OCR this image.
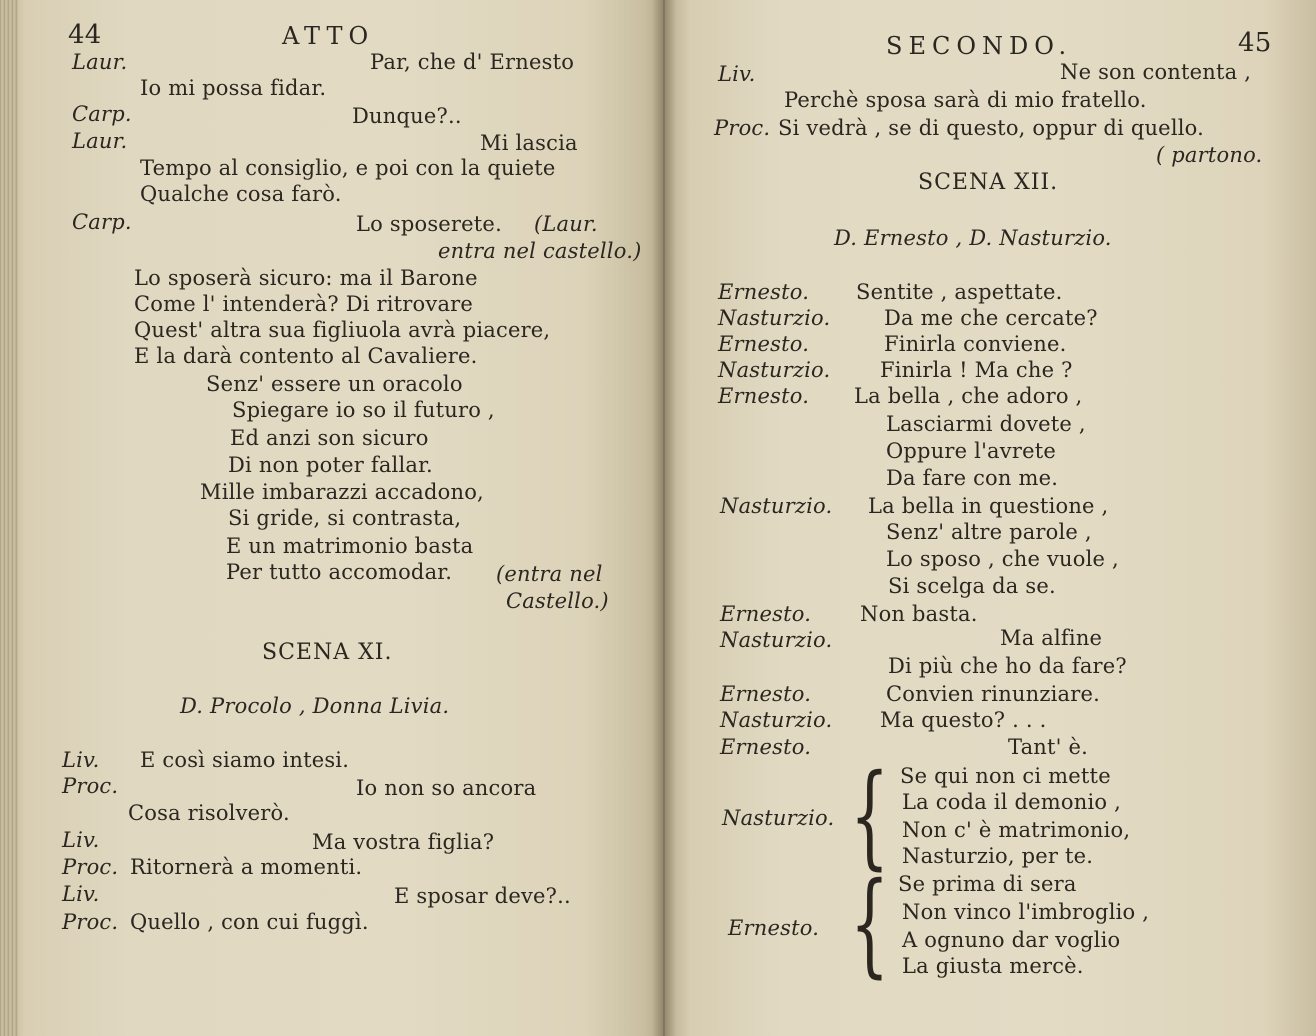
44	ATTO
Laur.	Par, che d' Ernesto
Io mi possa fidar.
Carp.	Dunque?..
Laur.	Mi lascia
Tempo al consiglio, e poi con la quiete
Qualche cosa farò.
Carp.	Lo sposerete. (Laur.
entra nel castello.)
Lo sposerà sicuro: ma il Barone
Come l' intenderà? Di ritrovare
Quest' altra sua figliuola avrà piacere,
E la darà contento al Cavaliere.
Senz' essere un oracolo
Spiegare io so il futuro ,
Ed anzi son sicuro
Di non poter fallar.
Mille imbarazzi accadono,
Si gride, si contrasta,
E un matrimonio basta
Per tutto accomodar. (entra nel
Castello.)
SCENA XI.
D. Procolo , Donna Livia.
Liv. E così siamo intesi.
Proc.	Io non so ancora
Cosa risolverò.
Liv.	Ma vostra figlia?
Proc. Ritornerà a momenti.
Liv.	E sposar deve?..
Proc. Quello , con cui fuggì.
SECONDO.	45
Liv.	Ne son contenta ,
Perchè sposa sarà di mio fratello.
Proc. Si vedrà , se di questo, oppur di quello.
( partono.
SCENA XII.
D. Ernesto , D. Nasturzio.
Ernesto. Sentite , aspettate.
Nasturzio.	Da me che cercate?
Ernesto.	Finirla conviene.
Nasturzio. Finirla ! Ma che ?
Ernesto. La bella , che adoro ,
Lasciarmi dovete ,
Oppure l'avrete
Da fare con me.
Nasturzio. La bella in questione ,
Senz' altre parole ,
Lo sposo , che vuole ,
Si scelga da se.
Ernesto. Non basta.
Nasturzio.	Ma alfine
Di più che ho da fare?
Ernesto.	Convien rinunziare.
Nasturzio. Ma questo? . . .
Ernesto.	Tant' è.
Nasturzio. { Se qui non ci mette
La coda il demonio ,
Non c' è matrimonio,
Nasturzio, per te.
Ernesto. { Se prima di sera
Non vinco l'imbroglio ,
A ognuno dar voglio
La giusta mercè.
